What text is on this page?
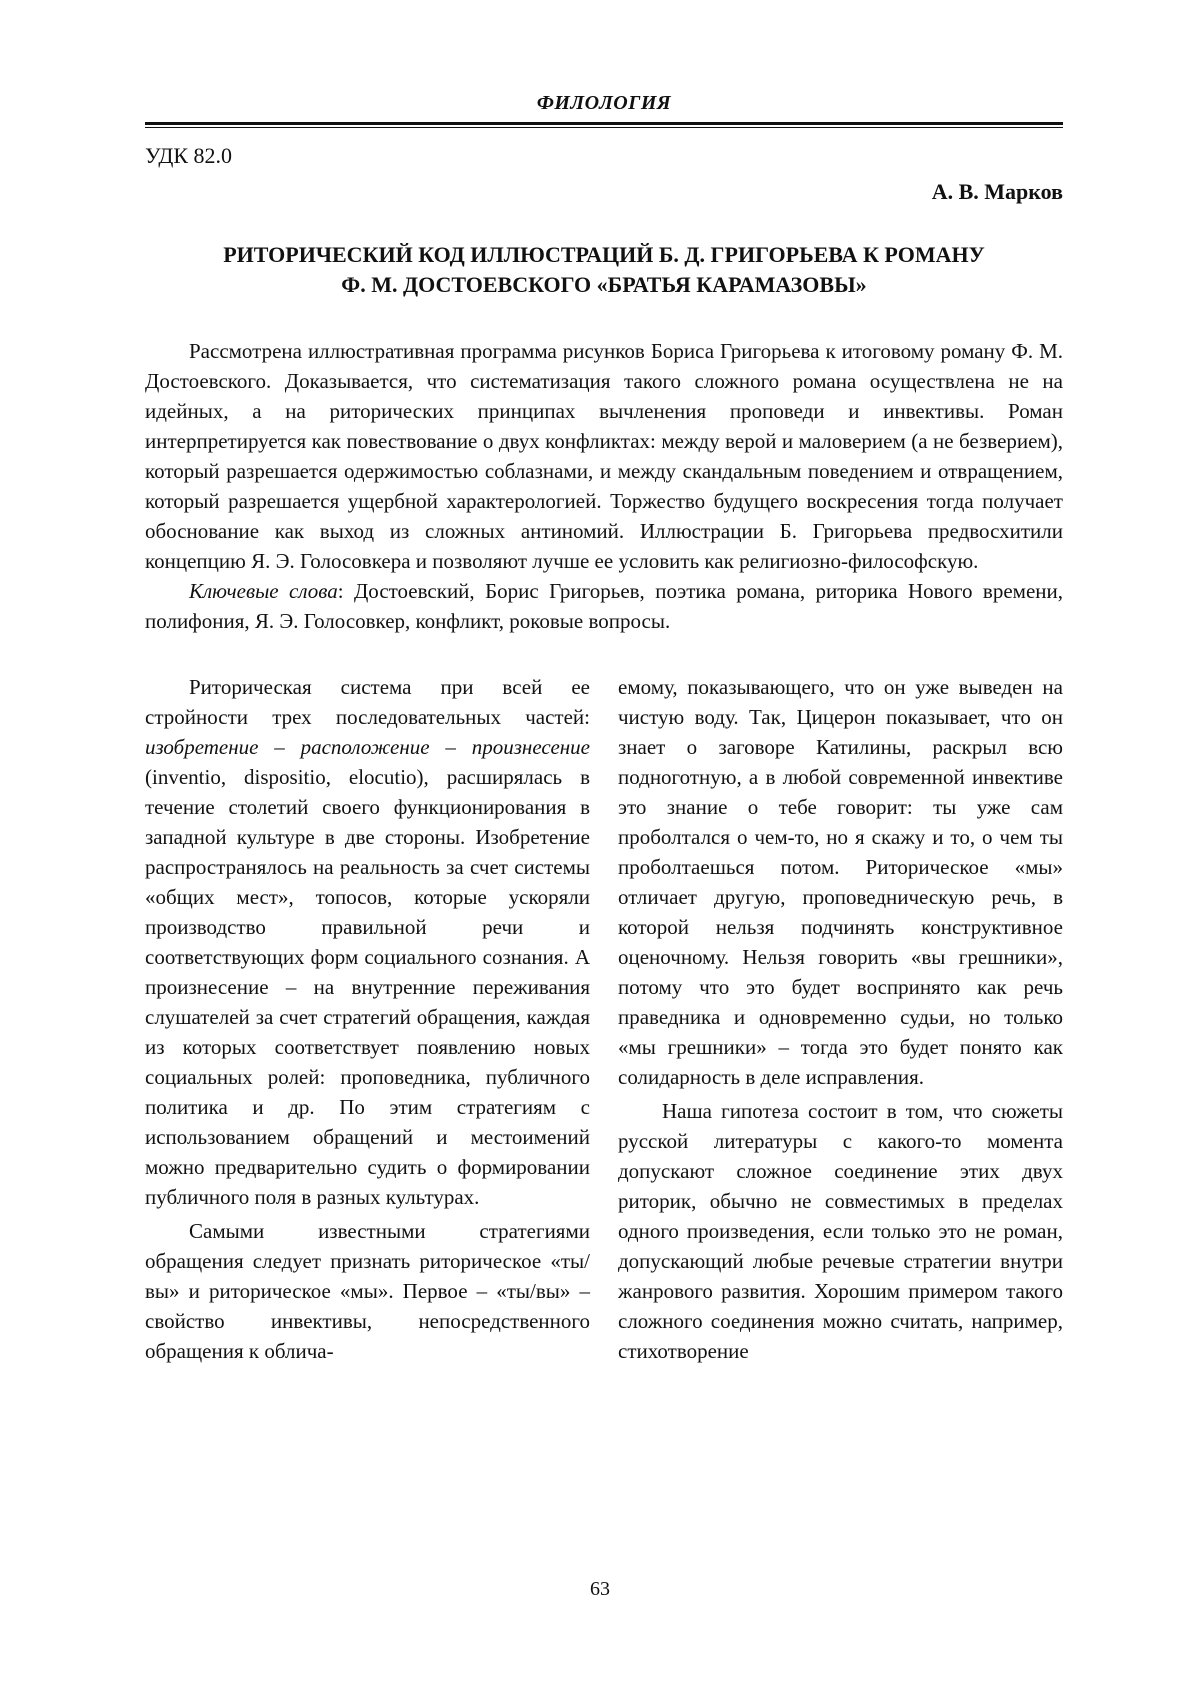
ФИЛОЛОГИЯ
УДК 82.0
А. В. Марков
РИТОРИЧЕСКИЙ КОД ИЛЛЮСТРАЦИЙ Б. Д. ГРИГОРЬЕВА К РОМАНУ
Ф. М. ДОСТОЕВСКОГО «БРАТЬЯ КАРАМАЗОВЫ»

Рассмотрена иллюстративная программа рисунков Бориса Григорьева к итоговому роману Ф. М. Достоевского. Доказывается, что систематизация такого сложного романа осуществлена не на идейных, а на риторических принципах вычленения проповеди и инвективы. Роман интерпретируется как повествование о двух конфликтах: между верой и маловерием (а не безверием), который разрешается одержимостью соблазнами, и между скандальным поведением и отвращением, который разрешается ущербной характерологией. Торжество будущего воскресения тогда получает обоснование как выход из сложных антиномий. Иллюстрации Б. Григорьева предвосхитили концепцию Я. Э. Голосовкера и позволяют лучше ее условить как религиозно-философскую.

Ключевые слова: Достоевский, Борис Григорьев, поэтика романа, риторика Нового времени, полифония, Я. Э. Голосовкер, конфликт, роковые вопросы.

Риторическая система при всей ее стройности трех последовательных частей: изобретение – расположение – произнесение (inventio, dispositio, elocutio), расширялась в течение столетий своего функционирования в западной культуре в две стороны. Изобретение распространялось на реальность за счет системы «общих мест», топосов, которые ускоряли производство правильной речи и соответствующих форм социального сознания. А произнесение – на внутренние переживания слушателей за счет стратегий обращения, каждая из которых соответствует появлению новых социальных ролей: проповедника, публичного политика и др. По этим стратегиям с использованием обращений и местоимений можно предварительно судить о формировании публичного поля в разных культурах.

Самыми известными стратегиями обращения следует признать риторическое «ты/вы» и риторическое «мы». Первое – «ты/вы» – свойство инвективы, непосредственного обращения к облича-

емому, показывающего, что он уже выведен на чистую воду. Так, Цицерон показывает, что он знает о заговоре Катилины, раскрыл всю подноготную, а в любой современной инвективе это знание о тебе говорит: ты уже сам проболтался о чем-то, но я скажу и то, о чем ты проболтаешься потом. Риторическое «мы» отличает другую, проповедническую речь, в которой нельзя подчинять конструктивное оценочному. Нельзя говорить «вы грешники», потому что это будет воспринято как речь праведника и одновременно судьи, но только «мы грешники» – тогда это будет понято как солидарность в деле исправления.

Наша гипотеза состоит в том, что сюжеты русской литературы с какого-то момента допускают сложное соединение этих двух риторик, обычно не совместимых в пределах одного произведения, если только это не роман, допускающий любые речевые стратегии внутри жанрового развития. Хорошим примером такого сложного соединения можно считать, например, стихотворение

63
